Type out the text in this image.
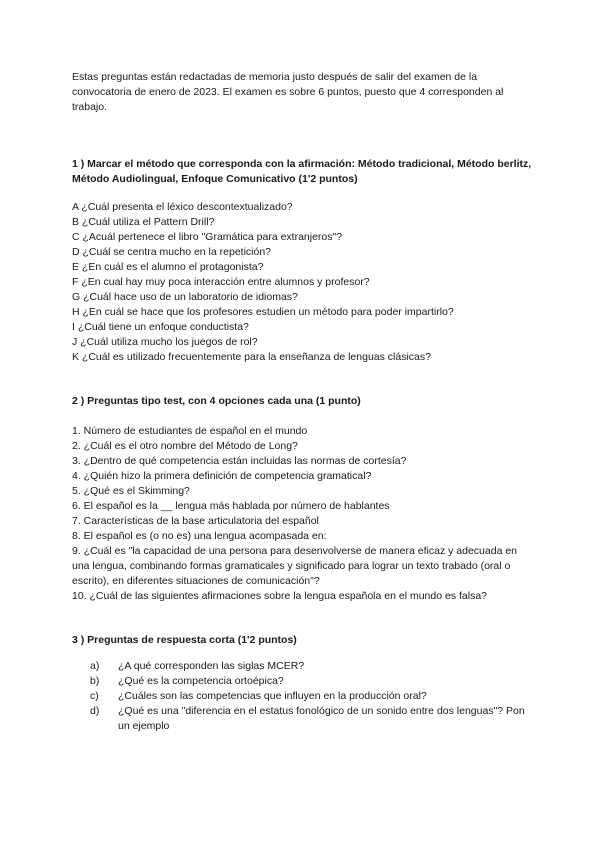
Estas preguntas están redactadas de memoria justo después de salir del examen de la convocatoria de enero de 2023. El examen es sobre 6 puntos, puesto que 4 corresponden al trabajo.

1 ) Marcar el método que corresponda con la afirmación: Método tradicional, Método berlitz, Método Audiolingual, Enfoque Comunicativo (1'2 puntos)

A ¿Cuál presenta el léxico descontextualizado?
B ¿Cuál utiliza el Pattern Drill?
C ¿Acuál pertenece el libro "Gramática para extranjeros"?
D ¿Cuál se centra mucho en la repetición?
E ¿En cuál es el alumno el protagonista?
F ¿En cual hay muy poca interacción entre alumnos y profesor?
G ¿Cuál hace uso de un laboratorio de idiomas?
H ¿En cuál se hace que los profesores estudien un método para poder impartirlo?
I ¿Cuál tiene un enfoque conductista?
J ¿Cuál utiliza mucho los juegos de rol?
K ¿Cuál es utilizado frecuentemente para la enseñanza de lenguas clásicas?

2 ) Preguntas tipo test, con 4 opciones cada una (1 punto)

1. Número de estudiantes de español en el mundo
2. ¿Cuál es el otro nombre del Método de Long?
3. ¿Dentro de qué competencia están incluidas las normas de cortesía?
4. ¿Quién hizo la primera definición de competencia gramatical?
5. ¿Qué es el Skimming?
6. El español es la __ lengua más hablada por número de hablantes
7. Características de la base articulatoria del español
8. El español es (o no es) una lengua acompasada en:
9. ¿Cuál es "la capacidad de una persona para desenvolverse de manera eficaz y adecuada en una lengua, combinando formas gramaticales y significado para lograr un texto trabado (oral o escrito), en diferentes situaciones de comunicación"?
10. ¿Cuál de las siguientes afirmaciones sobre la lengua española en el mundo es falsa?

3 ) Preguntas de respuesta corta (1'2 puntos)

a) ¿A qué corresponden las siglas MCER?
b) ¿Qué es la competencia ortoépica?
c) ¿Cuáles son las competencias que influyen en la producción oral?
d) ¿Qué es una "diferencia en el estatus fonológico de un sonido entre dos lenguas"? Pon un ejemplo
